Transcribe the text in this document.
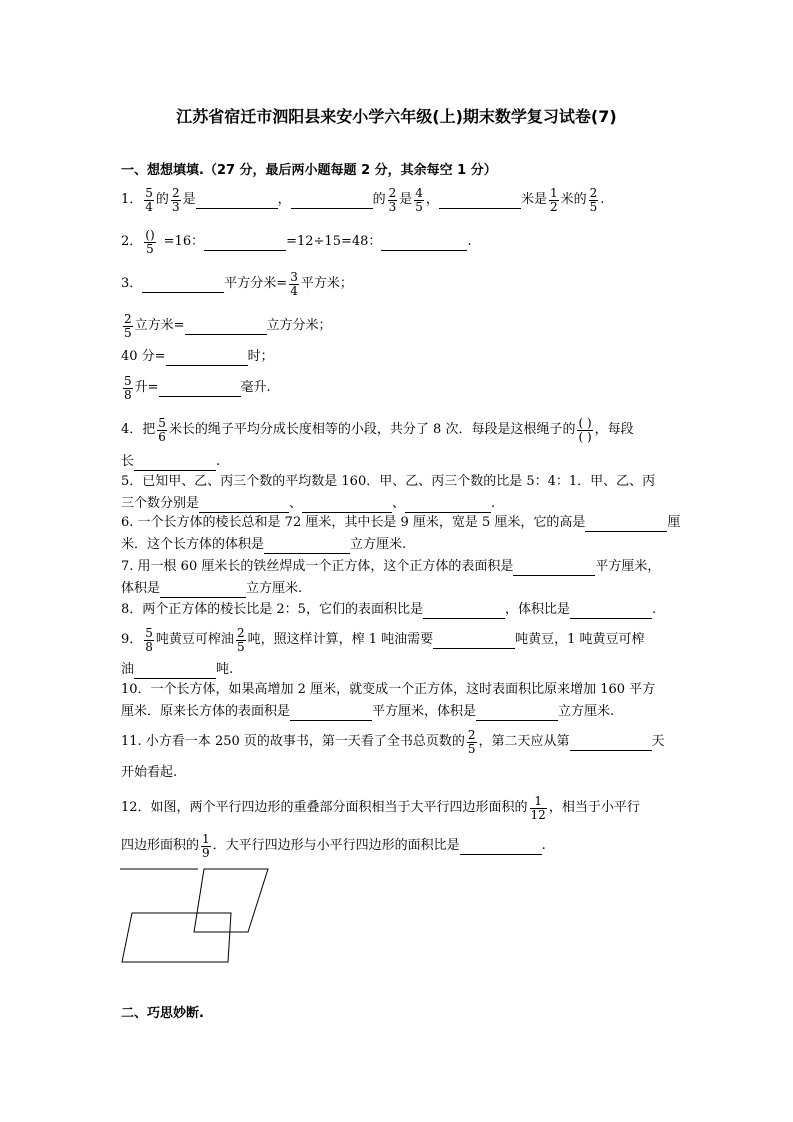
江苏省宿迁市泗阳县来安小学六年级(上)期末数学复习试卷(7)
一、想想填填.（27 分，最后两小题每题 2 分，其余每空 1 分）
1． $\frac{5}{4}$ 的 $\frac{2}{3}$ 是	，	的 $\frac{2}{3}$ 是 $\frac{4}{5}$ ，	米是 $\frac{1}{2}$ 米的 $\frac{2}{5}$ .
2． $\frac{()}{5} =16$：	=12÷15=48：	.
3．	平方分米= $\frac{3}{4}$ 平方米；
$\frac{2}{5}$ 立方米=	立方分米；
40 分=	时；
$\frac{5}{8}$ 升=	毫升.
4．把 $\frac{5}{6}$ 米长的绳子平均分成长度相等的小段，共分了 8 次．每段是这根绳子的 $\frac{( )}{( )}$ ，每段
长	.
5．已知甲、乙、丙三个数的平均数是 160．甲、乙、丙三个数的比是 5：4：1．甲、乙、丙
三个数分别是	、	、	.
6. 一个长方体的棱长总和是 72 厘米，其中长是 9 厘米，宽是 5 厘米，它的高是	厘
米．这个长方体的体积是	立方厘米.
7. 用一根 60 厘米长的铁丝焊成一个正方体，这个正方体的表面积是	平方厘米，
体积是	立方厘米.
8．两个正方体的棱长比是 2：5，它们的表面积比是	，体积比是	.
9． $\frac{5}{8}$ 吨黄豆可榨油 $\frac{2}{5}$ 吨，照这样计算，榨 1 吨油需要	吨黄豆，1 吨黄豆可榨
油	吨.
10．一个长方体，如果高增加 2 厘米，就变成一个正方体，这时表面积比原来增加 160 平方
厘米．原来长方体的表面积是	平方厘米，体积是	立方厘米.
11. 小方看一本 250 页的故事书，第一天看了全书总页数的 $\frac{2}{5}$ ，第二天应从第	天
开始看起.
12．如图，两个平行四边形的重叠部分面积相当于大平行四边形面积的 $\frac{1}{12}$ ，相当于小平行
四边形面积的 $\frac{1}{9}$ ．大平行四边形与小平行四边形的面积比是	.
二、巧思妙断.
